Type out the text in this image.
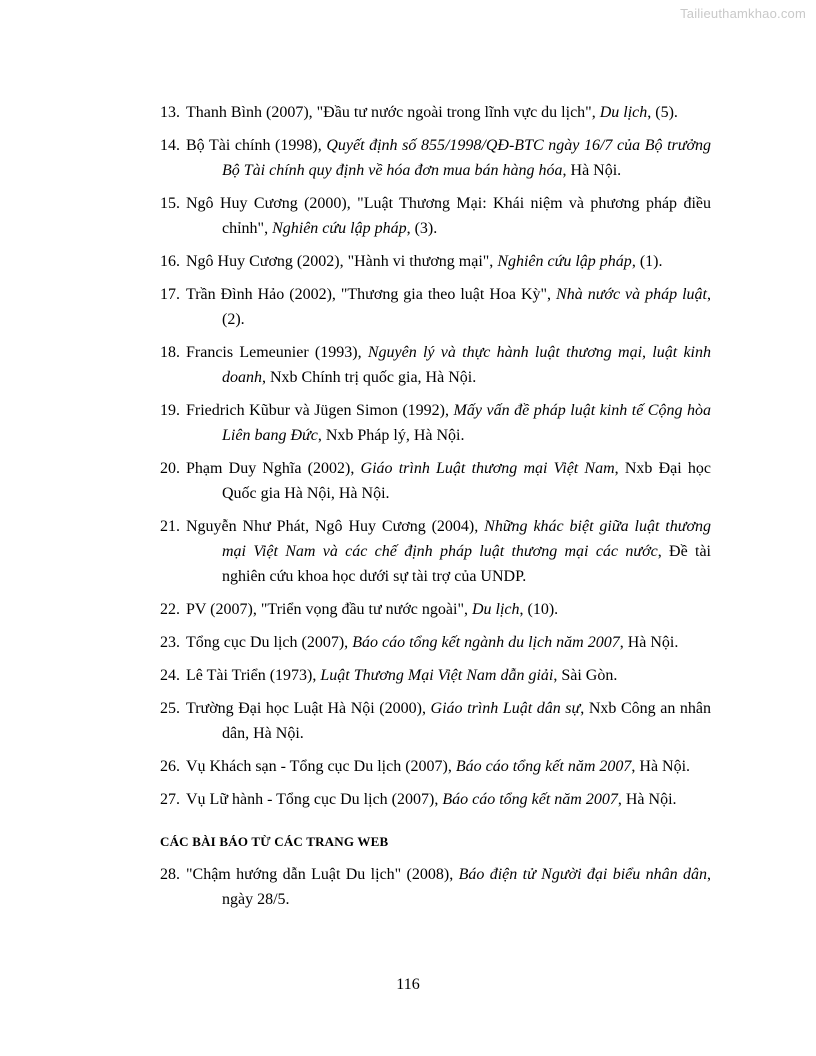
Tailieuthamkhao.com
13. Thanh Bình (2007), "Đầu tư nước ngoài trong lĩnh vực du lịch", Du lịch, (5).
14. Bộ Tài chính (1998), Quyết định số 855/1998/QĐ-BTC ngày 16/7 của Bộ trưởng Bộ Tài chính quy định về hóa đơn mua bán hàng hóa, Hà Nội.
15. Ngô Huy Cương (2000), "Luật Thương Mại: Khái niệm và phương pháp điều chỉnh", Nghiên cứu lập pháp, (3).
16. Ngô Huy Cương (2002), "Hành vi thương mại", Nghiên cứu lập pháp, (1).
17. Trần Đình Hảo (2002), "Thương gia theo luật Hoa Kỳ", Nhà nước và pháp luật, (2).
18. Francis Lemeunier (1993), Nguyên lý và thực hành luật thương mại, luật kinh doanh, Nxb Chính trị quốc gia, Hà Nội.
19. Friedrich Kũbur và Jügen Simon (1992), Mấy vấn đề pháp luật kinh tế Cộng hòa Liên bang Đức, Nxb Pháp lý, Hà Nội.
20. Phạm Duy Nghĩa (2002), Giáo trình Luật thương mại Việt Nam, Nxb Đại học Quốc gia Hà Nội, Hà Nội.
21. Nguyễn Như Phát, Ngô Huy Cương (2004), Những khác biệt giữa luật thương mại Việt Nam và các chế định pháp luật thương mại các nước, Đề tài nghiên cứu khoa học dưới sự tài trợ của UNDP.
22. PV (2007), "Triển vọng đầu tư nước ngoài", Du lịch, (10).
23. Tổng cục Du lịch (2007), Báo cáo tổng kết ngành du lịch năm 2007, Hà Nội.
24. Lê Tài Triển (1973), Luật Thương Mại Việt Nam dẫn giải, Sài Gòn.
25. Trường Đại học Luật Hà Nội (2000), Giáo trình Luật dân sự, Nxb Công an nhân dân, Hà Nội.
26. Vụ Khách sạn - Tổng cục Du lịch (2007), Báo cáo tổng kết năm 2007, Hà Nội.
27. Vụ Lữ hành - Tổng cục Du lịch (2007), Báo cáo tổng kết năm 2007, Hà Nội.
CÁC BÀI BÁO TỪ CÁC TRANG WEB
28. "Chậm hướng dẫn Luật Du lịch" (2008), Báo điện tử Người đại biểu nhân dân, ngày 28/5.
116
